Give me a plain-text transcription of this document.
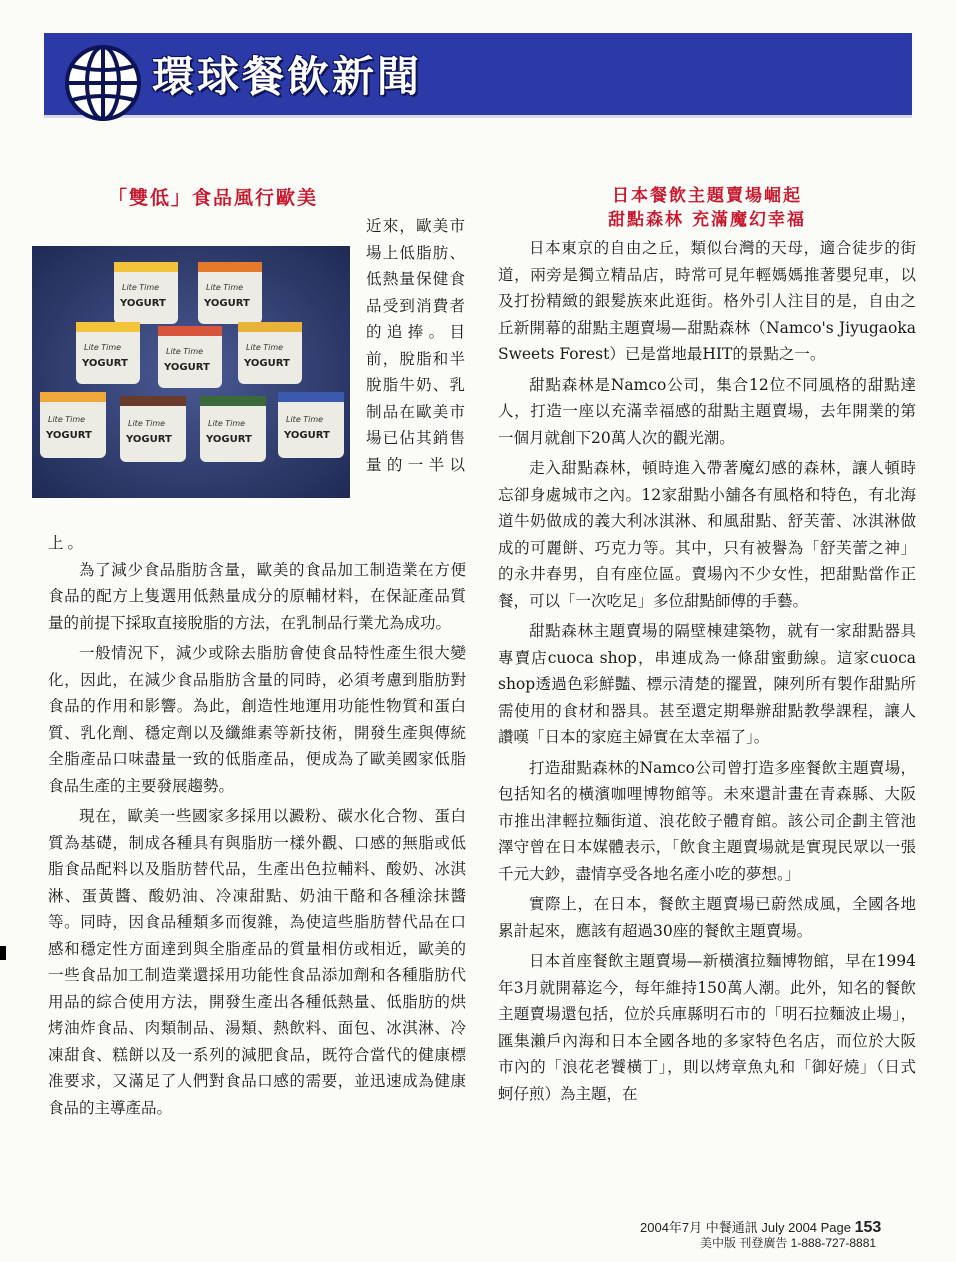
環球餐飲新聞
「雙低」食品風行歐美
Lite Time
YOGURT
Lite Time
YOGURT
Lite Time
YOGURT
Lite Time
YOGURT
Lite Time
YOGURT
Lite Time
YOGURT
Lite Time
YOGURT
Lite Time
YOGURT
Lite Time
YOGURT
近來，歐美市場上低脂肪、低熱量保健食品受到消費者的追捧。目前，脫脂和半脫脂牛奶、乳制品在歐美市場已佔其銷售量的一半以

上。

為了減少食品脂肪含量，歐美的食品加工制造業在方便食品的配方上隻選用低熱量成分的原輔材料，在保証產品質量的前提下採取直接脫脂的方法，在乳制品行業尤為成功。

一般情況下，減少或除去脂肪會使食品特性產生很大變化，因此，在減少食品脂肪含量的同時，必須考慮到脂肪對食品的作用和影響。為此，創造性地運用功能性物質和蛋白質、乳化劑、穩定劑以及纖維素等新技術，開發生產與傳統全脂產品口味盡量一致的低脂產品，便成為了歐美國家低脂食品生產的主要發展趨勢。

現在，歐美一些國家多採用以澱粉、碳水化合物、蛋白質為基礎，制成各種具有與脂肪一樣外觀、口感的無脂或低脂食品配料以及脂肪替代品，生產出色拉輔料、酸奶、冰淇淋、蛋黃醬、酸奶油、冷凍甜點、奶油干酪和各種涂抹醬等。同時，因食品種類多而復雜，為使這些脂肪替代品在口感和穩定性方面達到與全脂產品的質量相仿或相近，歐美的一些食品加工制造業還採用功能性食品添加劑和各種脂肪代用品的綜合使用方法，開發生產出各種低熱量、低脂肪的烘烤油炸食品、肉類制品、湯類、熱飲料、面包、冰淇淋、冷凍甜食、糕餅以及一系列的減肥食品，既符合當代的健康標准要求，又滿足了人們對食品口感的需要，並迅速成為健康食品的主導產品。

日本餐飲主題賣場崛起
甜點森林 充滿魔幻幸福

日本東京的自由之丘，類似台灣的天母，適合徒步的街道，兩旁是獨立精品店，時常可見年輕媽媽推著嬰兒車，以及打扮精緻的銀髮族來此逛街。格外引人注目的是，自由之丘新開幕的甜點主題賣場—甜點森林（Namco's Jiyugaoka Sweets Forest）已是當地最HIT的景點之一。

甜點森林是Namco公司，集合12位不同風格的甜點達人，打造一座以充滿幸福感的甜點主題賣場，去年開業的第一個月就創下20萬人次的觀光潮。

走入甜點森林，頓時進入帶著魔幻感的森林，讓人頓時忘卻身處城市之內。12家甜點小舖各有風格和特色，有北海道牛奶做成的義大利冰淇淋、和風甜點、舒芙蕾、冰淇淋做成的可麗餅、巧克力等。其中，只有被譽為「舒芙蕾之神」的永井春男，自有座位區。賣場內不少女性，把甜點當作正餐，可以「一次吃足」多位甜點師傅的手藝。

甜點森林主題賣場的隔壁棟建築物，就有一家甜點器具專賣店cuoca shop，串連成為一條甜蜜動線。這家cuoca shop透過色彩鮮豔、標示清楚的擺置，陳列所有製作甜點所需使用的食材和器具。甚至還定期舉辦甜點教學課程，讓人讚嘆「日本的家庭主婦實在太幸福了」。

打造甜點森林的Namco公司曾打造多座餐飲主題賣場，包括知名的橫濱咖哩博物館等。未來還計畫在青森縣、大阪市推出津輕拉麵街道、浪花餃子體育館。該公司企劃主管池澤守曾在日本媒體表示，「飲食主題賣場就是實現民眾以一張千元大鈔，盡情享受各地名產小吃的夢想。」

實際上，在日本，餐飲主題賣場已蔚然成風，全國各地累計起來，應該有超過30座的餐飲主題賣場。

日本首座餐飲主題賣場—新橫濱拉麵博物館，早在1994年3月就開幕迄今，每年維持150萬人潮。此外，知名的餐飲主題賣場還包括，位於兵庫縣明石市的「明石拉麵波止場」，匯集瀨戶內海和日本全國各地的多家特色名店，而位於大阪市內的「浪花老饕橫丁」，則以烤章魚丸和「御好燒」（日式蚵仔煎）為主題，在

2004年7月 中餐通訊 July 2004 Page 153
美中版 刊登廣告 1-888-727-8881
